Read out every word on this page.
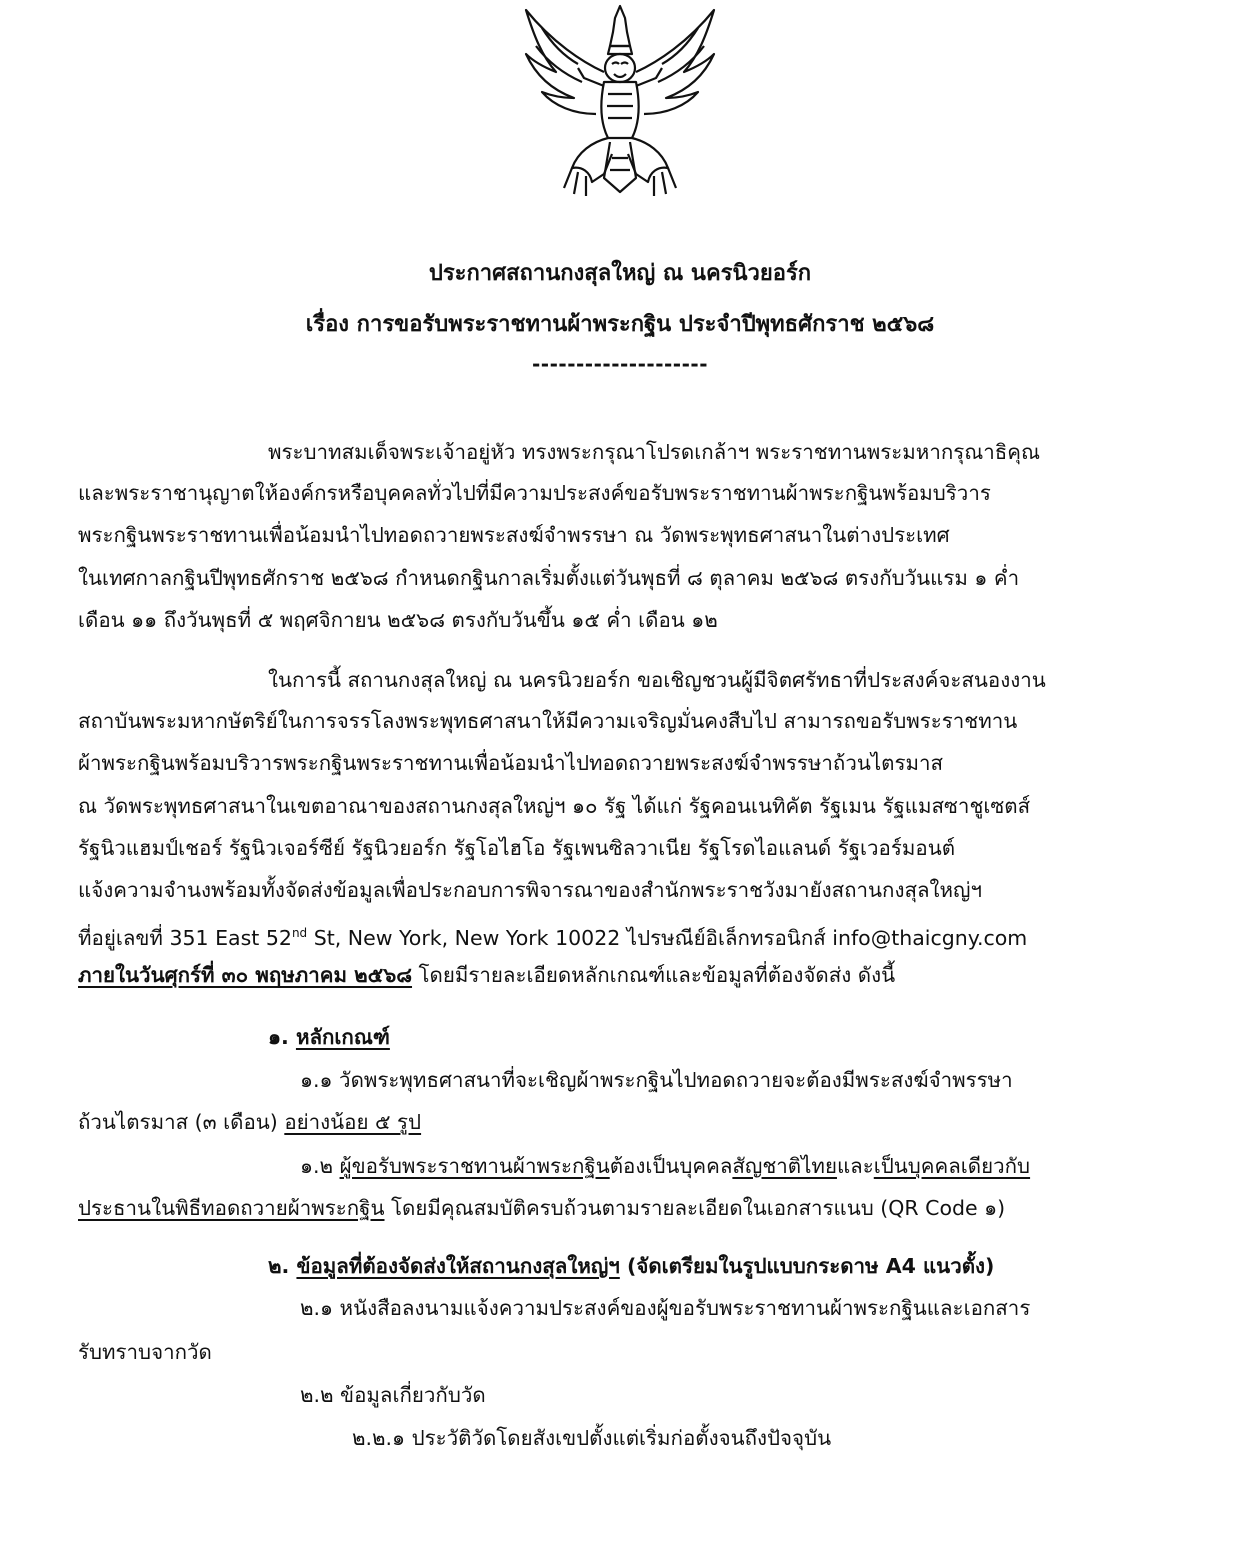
ประกาศสถานกงสุลใหญ่ ณ นครนิวยอร์ก
เรื่อง การขอรับพระราชทานผ้าพระกฐิน ประจำปีพุทธศักราช ๒๕๖๘
--------------------
พระบาทสมเด็จพระเจ้าอยู่หัว ทรงพระกรุณาโปรดเกล้าฯ พระราชทานพระมหากรุณาธิคุณ
และพระราชานุญาตให้องค์กรหรือบุคคลทั่วไปที่มีความประสงค์ขอรับพระราชทานผ้าพระกฐินพร้อมบริวาร
พระกฐินพระราชทานเพื่อน้อมนำไปทอดถวายพระสงฆ์จำพรรษา ณ วัดพระพุทธศาสนาในต่างประเทศ
ในเทศกาลกฐินปีพุทธศักราช ๒๕๖๘ กำหนดกฐินกาลเริ่มตั้งแต่วันพุธที่ ๘ ตุลาคม ๒๕๖๘ ตรงกับวันแรม ๑ ค่ำ
เดือน ๑๑ ถึงวันพุธที่ ๕ พฤศจิกายน ๒๕๖๘ ตรงกับวันขึ้น ๑๕ ค่ำ เดือน ๑๒
ในการนี้ สถานกงสุลใหญ่ ณ นครนิวยอร์ก ขอเชิญชวนผู้มีจิตศรัทธาที่ประสงค์จะสนองงาน
สถาบันพระมหากษัตริย์ในการจรรโลงพระพุทธศาสนาให้มีความเจริญมั่นคงสืบไป สามารถขอรับพระราชทาน
ผ้าพระกฐินพร้อมบริวารพระกฐินพระราชทานเพื่อน้อมนำไปทอดถวายพระสงฆ์จำพรรษาถ้วนไตรมาส
ณ วัดพระพุทธศาสนาในเขตอาณาของสถานกงสุลใหญ่ฯ ๑๐ รัฐ ได้แก่ รัฐคอนเนทิคัต รัฐเมน รัฐแมสซาชูเซตส์
รัฐนิวแฮมป์เชอร์ รัฐนิวเจอร์ซีย์ รัฐนิวยอร์ก รัฐโอไฮโอ รัฐเพนซิลวาเนีย รัฐโรดไอแลนด์ รัฐเวอร์มอนต์
แจ้งความจำนงพร้อมทั้งจัดส่งข้อมูลเพื่อประกอบการพิจารณาของสำนักพระราชวังมายังสถานกงสุลใหญ่ฯ
ที่อยู่เลขที่ 351 East 52nd St, New York, New York 10022 ไปรษณีย์อิเล็กทรอนิกส์ info@thaicgny.com
ภายในวันศุกร์ที่ ๓๐ พฤษภาคม ๒๕๖๘ โดยมีรายละเอียดหลักเกณฑ์และข้อมูลที่ต้องจัดส่ง ดังนี้
๑. หลักเกณฑ์
๑.๑ วัดพระพุทธศาสนาที่จะเชิญผ้าพระกฐินไปทอดถวายจะต้องมีพระสงฆ์จำพรรษา
ถ้วนไตรมาส (๓ เดือน) อย่างน้อย ๕ รูป
๑.๒ ผู้ขอรับพระราชทานผ้าพระกฐินต้องเป็นบุคคลสัญชาติไทยและเป็นบุคคลเดียวกับ
ประธานในพิธีทอดถวายผ้าพระกฐิน โดยมีคุณสมบัติครบถ้วนตามรายละเอียดในเอกสารแนบ (QR Code ๑)
๒. ข้อมูลที่ต้องจัดส่งให้สถานกงสุลใหญ่ฯ (จัดเตรียมในรูปแบบกระดาษ A4 แนวตั้ง)
๒.๑ หนังสือลงนามแจ้งความประสงค์ของผู้ขอรับพระราชทานผ้าพระกฐินและเอกสาร
รับทราบจากวัด
๒.๒ ข้อมูลเกี่ยวกับวัด
๒.๒.๑ ประวัติวัดโดยสังเขปตั้งแต่เริ่มก่อตั้งจนถึงปัจจุบัน
